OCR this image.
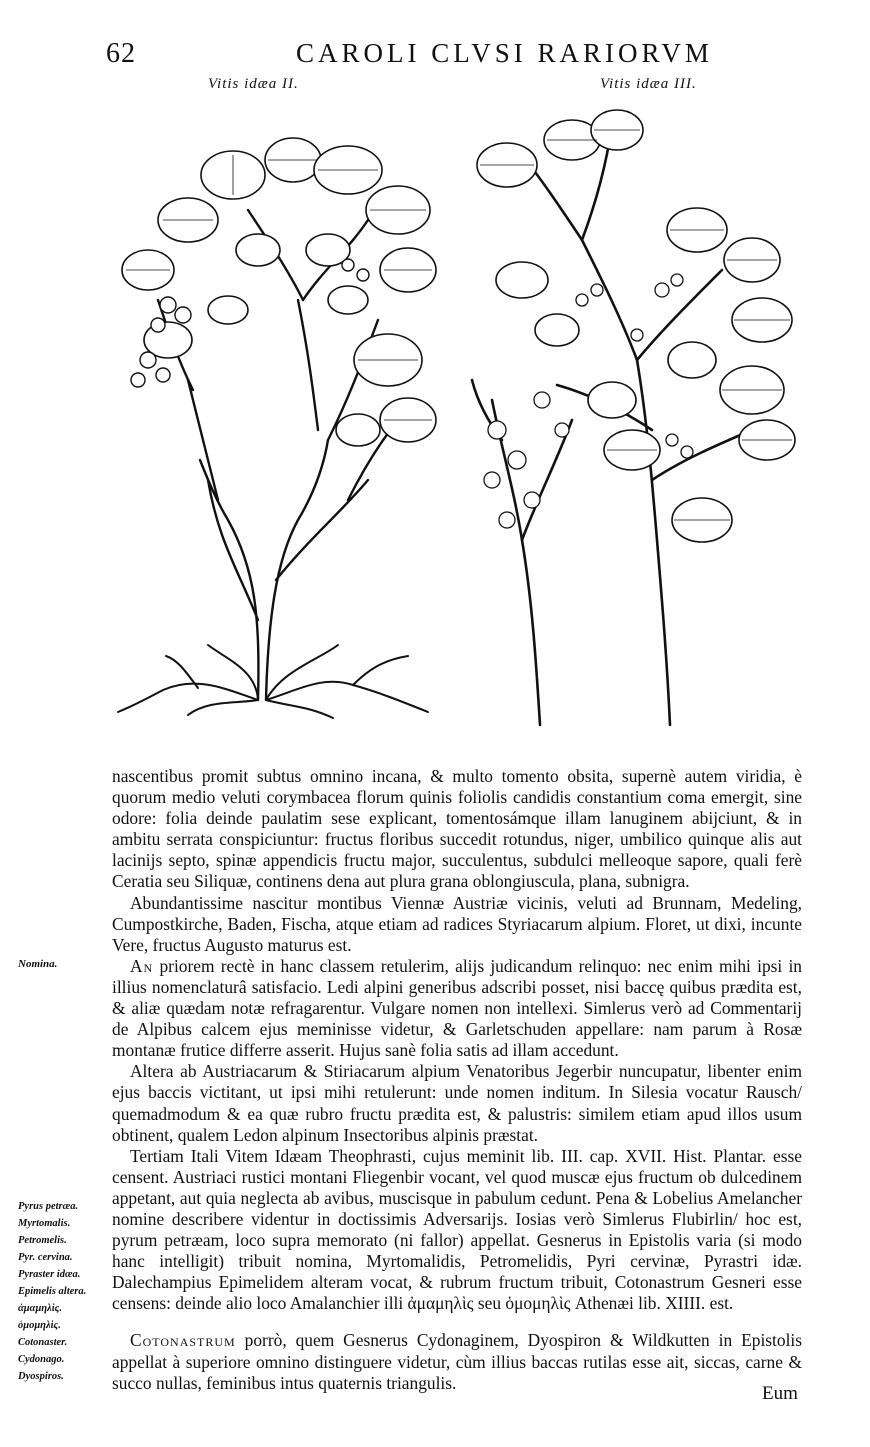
62	CAROLI CLVSI RARIORVM
Vitis idæa II.	Vitis idæa III.

nascentibus promit subtus omnino incana, & multo tomento obsita, supernè autem viridia, è quorum medio veluti corymbacea florum quinis foliolis candidis constantium coma emergit, sine odore: folia deinde paulatim sese explicant, tomentosámque illam lanuginem abijciunt, & in ambitu serrata conspiciuntur: fructus floribus succedit rotundus, niger, umbilico quinque alis aut lacinijs septo, spinæ appendicis fructu major, succulentus, subdulci melleoque sapore, quali ferè Ceratia seu Siliquæ, continens dena aut plura grana oblongiuscula, plana, subnigra.

Abundantissime nascitur montibus Viennæ Austriæ vicinis, veluti ad Brunnam, Medeling, Cumpostkirche, Baden, Fischa, atque etiam ad radices Styriacarum alpium. Floret, ut dixi, incunte Vere, fructus Augusto maturus est.

An priorem rectè in hanc classem retulerim, alijs judicandum relinquo: nec enim mihi ipsi in illius nomenclaturâ satisfacio. Ledi alpini generibus adscribi posset, nisi baccę quibus prædita est, & aliæ quædam notæ refragarentur. Vulgare nomen non intellexi. Simlerus verò ad Commentarij de Alpibus calcem ejus meminisse videtur, & Garletschuden appellare: nam parum à Rosæ montanæ frutice differre asserit. Hujus sanè folia satis ad illam accedunt.

Altera ab Austriacarum & Stiriacarum alpium Venatoribus Jegerbir nuncupatur, libenter enim ejus baccis victitant, ut ipsi mihi retulerunt: unde nomen inditum. In Silesia vocatur Rausch/ quemadmodum & ea quæ rubro fructu prædita est, & palustris: similem etiam apud illos usum obtinent, qualem Ledon alpinum Insectoribus alpinis præstat.

Tertiam Itali Vitem Idæam Theophrasti, cujus meminit lib. III. cap. XVII. Hist. Plantar. esse censent. Austriaci rustici montani Fliegenbir vocant, vel quod muscæ ejus fructum ob dulcedinem appetant, aut quia neglecta ab avibus, muscisque in pabulum cedunt. Pena & Lobelius Amelancher nomine describere videntur in doctissimis Adversarijs. Iosias verò Simlerus Flubirlin/ hoc est, pyrum petræam, loco supra memorato (ni fallor) appellat. Gesnerus in Epistolis varia (si modo hanc intelligit) tribuit nomina, Myrtomalidis, Petromelidis, Pyri cervinæ, Pyrastri idæ. Dalechampius Epimelidem alteram vocat, & rubrum fructum tribuit, Cotonastrum Gesneri esse censens: deinde alio loco Amalanchier illi ἀμαμηλὶς seu ὁμομηλὶς Athenæi lib. XIIII. est.

Cotonastrum porrò, quem Gesnerus Cydonaginem, Dyospiron & Wildkutten in Epistolis appellat à superiore omnino distinguere videtur, cùm illius baccas rutilas esse ait, siccas, carne & succo nullas, feminibus intus quaternis triangulis.

Nomina.
Pyrus petræa.
Myrtomalis.
Petromelis.
Pyr. cervina.
Pyraster idæa.
Epimelis altera.
ἀμαμηλὶς.
ὁμομηλὶς.
Cotonaster.
Cydonago.
Dyospiros.
Eum
